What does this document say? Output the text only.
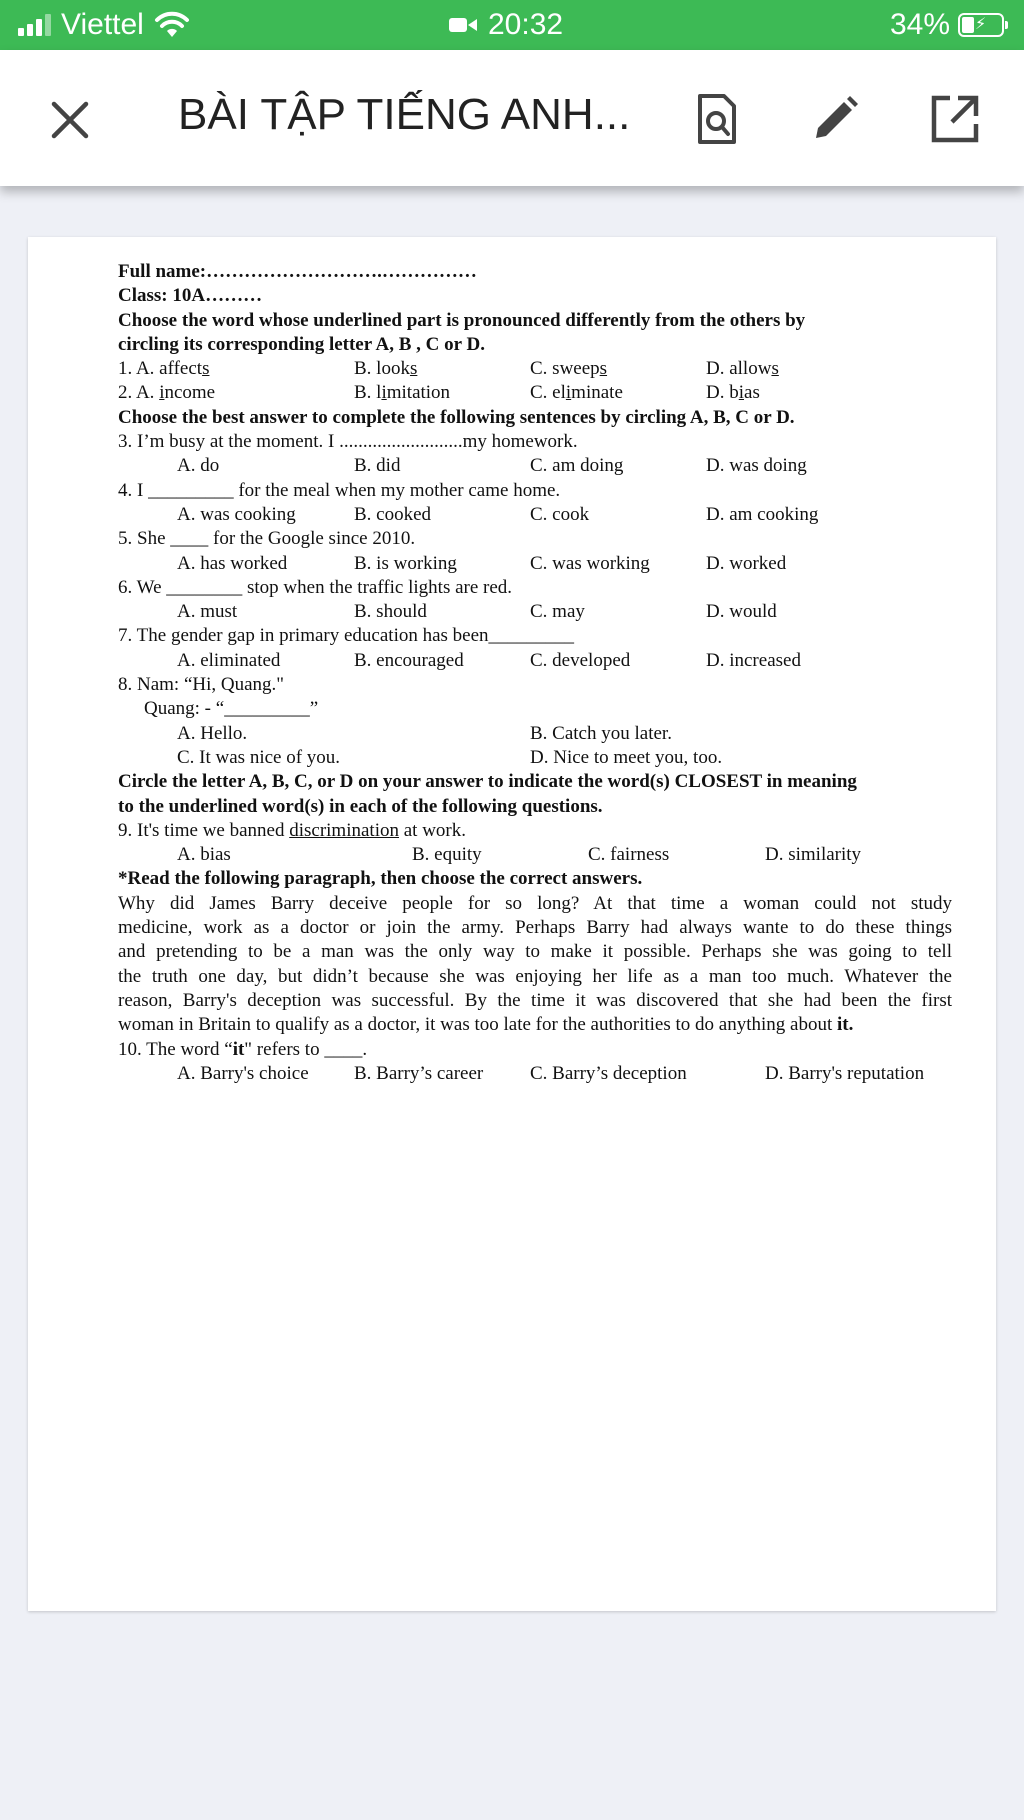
Viettel	20:32	34% ⚡
BÀI TẬP TIẾNG ANH...
Full name:……………………….……………
Class: 10A………
Choose the word whose underlined part is pronounced differently from the others by
circling its corresponding letter A, B , C or D.
1. A. affects	B. looks	C. sweeps	D. allows
2. A. income	B. limitation	C. eliminate	D. bias
Choose the best answer to complete the following sentences by circling A, B, C or D.
3. I’m busy at the moment. I ..........................my homework.
A. do	B. did	C. am doing	D. was doing
4. I _________ for the meal when my mother came home.
A. was cooking	B. cooked	C. cook	D. am cooking
5. She ____ for the Google since 2010.
A. has worked	B. is working	C. was working	D. worked
6. We ________ stop when the traffic lights are red.
A. must	B. should	C. may	D. would
7. The gender gap in primary education has been_________
A. eliminated	B. encouraged	C. developed	D. increased
8. Nam: “Hi, Quang."
Quang: - “_________”
A. Hello.	B. Catch you later.
C. It was nice of you.	D. Nice to meet you, too.
Circle the letter A, B, C, or D on your answer to indicate the word(s) CLOSEST in meaning
to the underlined word(s) in each of the following questions.
9. It's time we banned discrimination at work.
A. bias	B. equity	C. fairness	D. similarity
*Read the following paragraph, then choose the correct answers.
Why did James Barry deceive people for so long? At that time a woman could not study
medicine, work as a doctor or join the army. Perhaps Barry had always wante to do these things
and pretending to be a man was the only way to make it possible. Perhaps she was going to tell
the truth one day, but didn’t because she was enjoying her life as a man too much. Whatever the
reason, Barry's deception was successful. By the time it was discovered that she had been the first
woman in Britain to qualify as a doctor, it was too late for the authorities to do anything about it.
10. The word “it" refers to ____.
A. Barry's choice B. Barry’s career C. Barry’s deception	D. Barry's reputation
